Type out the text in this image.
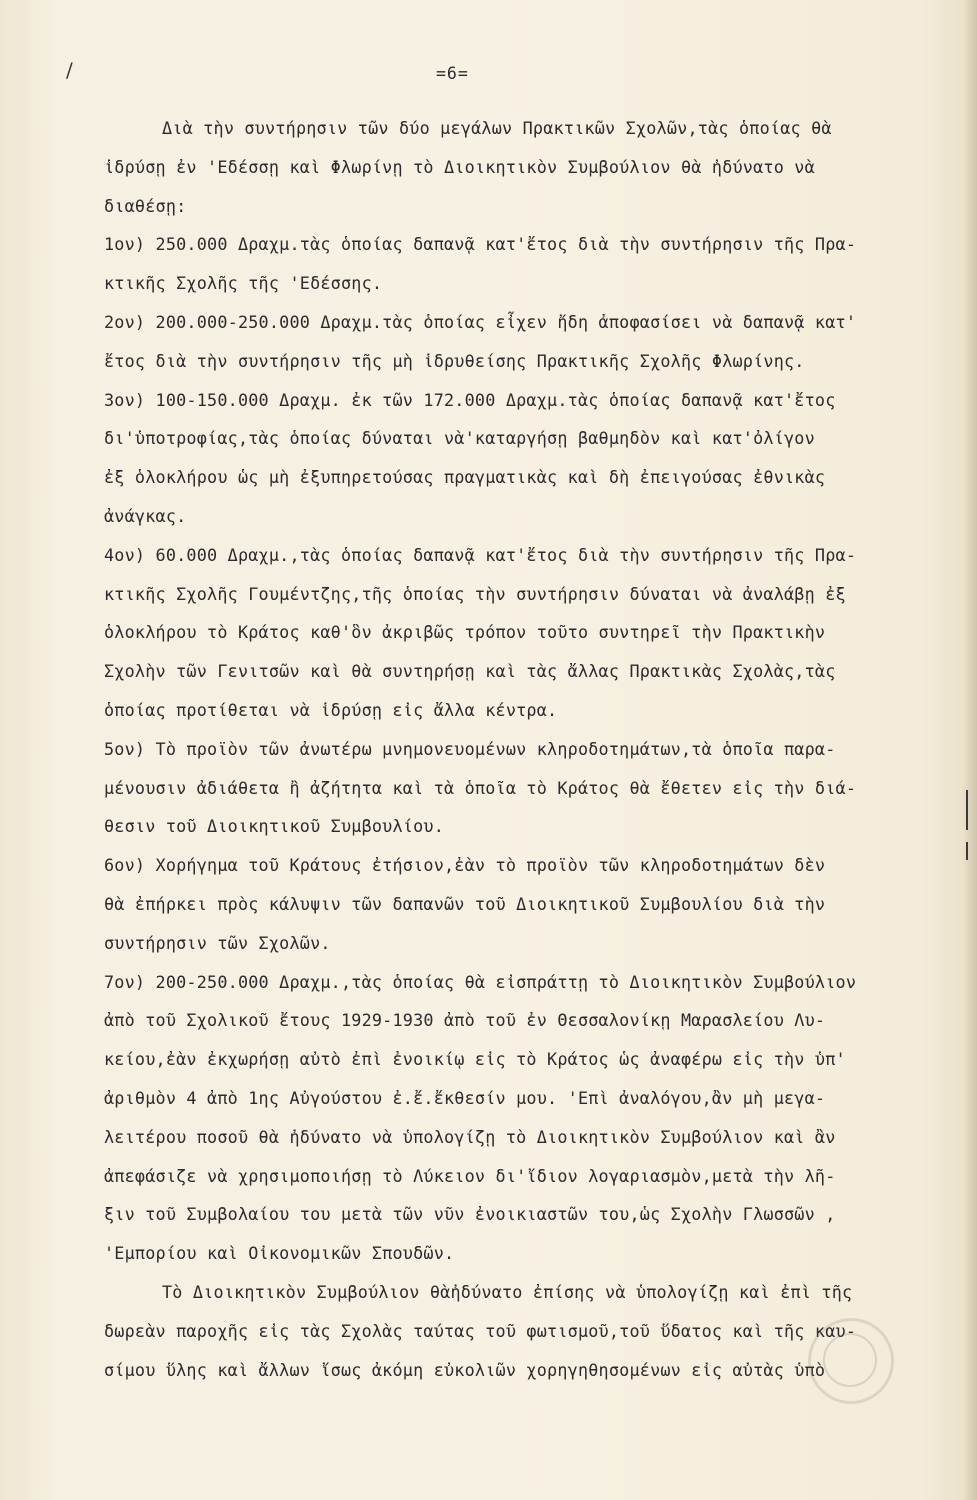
/	=6=
Διὰ τὴν συντήρησιν τῶν δύο μεγάλων Πρακτικῶν Σχολῶν,τὰς ὁποίας θὰ
ἱδρύσῃ ἐν 'Εδέσσῃ καὶ Φλωρίνῃ τὸ Διοικητικὸν Συμβούλιον θὰ ἠδύνατο νὰ
διαθέσῃ:
1ον) 250.000 Δραχμ.τὰς ὁποίας δαπανᾷ κατ'ἔτος διὰ τὴν συντήρησιν τῆς Πρα-
κτικῆς Σχολῆς τῆς 'Εδέσσης.
2ον) 200.000-250.000 Δραχμ.τὰς ὁποίας εἶχεν ἤδη ἀποφασίσει νὰ δαπανᾷ κατ'
ἔτος διὰ τὴν συντήρησιν τῆς μὴ ἱδρυθείσης Πρακτικῆς Σχολῆς Φλωρίνης.
3ον) 100-150.000 Δραχμ. ἐκ τῶν 172.000 Δραχμ.τὰς ὁποίας δαπανᾷ κατ'ἔτος
δι'ὑποτροφίας,τὰς ὁποίας δύναται νὰ'καταργήσῃ βαθμηδὸν καὶ κατ'ὀλίγον
ἐξ ὁλοκλήρου ὡς μὴ ἐξυπηρετούσας πραγματικὰς καὶ δὴ ἐπειγούσας ἐθνικὰς
ἀνάγκας.
4ον) 60.000 Δραχμ.,τὰς ὁποίας δαπανᾷ κατ'ἔτος διὰ τὴν συντήρησιν τῆς Πρα-
κτικῆς Σχολῆς Γουμέντζης,τῆς ὁποίας τὴν συντήρησιν δύναται νὰ ἀναλάβῃ ἐξ
ὁλοκλήρου τὸ Κράτος καθ'ὃν ἀκριβῶς τρόπον τοῦτο συντηρεῖ τὴν Πρακτικὴν
Σχολὴν τῶν Γενιτσῶν καὶ θὰ συντηρήσῃ καὶ τὰς ἄλλας Πρακτικὰς Σχολὰς,τὰς
ὁποίας προτίθεται νὰ ἱδρύσῃ εἰς ἄλλα κέντρα.
5ον) Τὸ προϊὸν τῶν ἀνωτέρω μνημονευομένων κληροδοτημάτων,τὰ ὁποῖα παρα-
μένουσιν ἀδιάθετα ἢ ἀζήτητα καὶ τὰ ὁποῖα τὸ Κράτος θὰ ἔθετεν εἰς τὴν διά-
θεσιν τοῦ Διοικητικοῦ Συμβουλίου.
6ον) Χορήγημα τοῦ Κράτους ἐτήσιον,ἐὰν τὸ προϊὸν τῶν κληροδοτημάτων δὲν
θὰ ἐπήρκει πρὸς κάλυψιν τῶν δαπανῶν τοῦ Διοικητικοῦ Συμβουλίου διὰ τὴν
συντήρησιν τῶν Σχολῶν.
7ον) 200-250.000 Δραχμ.,τὰς ὁποίας θὰ εἰσπράττῃ τὸ Διοικητικὸν Συμβούλιον
ἀπὸ τοῦ Σχολικοῦ ἔτους 1929-1930 ἀπὸ τοῦ ἐν Θεσσαλονίκῃ Μαρασλείου Λυ-
κείου,ἐὰν ἐκχωρήσῃ αὐτὸ ἐπὶ ἐνοικίῳ εἰς τὸ Κράτος ὡς ἀναφέρω εἰς τὴν ὑπ'
ἀριθμὸν 4 ἀπὸ 1ης Αὐγούστου ἐ.ἔ.ἔκθεσίν μου. 'Επὶ ἀναλόγου,ἂν μὴ μεγα-
λειτέρου ποσοῦ θὰ ἠδύνατο νὰ ὑπολογίζῃ τὸ Διοικητικὸν Συμβούλιον καὶ ἂν
ἀπεφάσιζε νὰ χρησιμοποιήσῃ τὸ Λύκειον δι'ἴδιον λογαριασμὸν,μετὰ τὴν λῆ-
ξιν τοῦ Συμβολαίου του μετὰ τῶν νῦν ἐνοικιαστῶν του,ὡς Σχολὴν Γλωσσῶν ,
'Εμπορίου καὶ Οἰκονομικῶν Σπουδῶν.
Τὸ Διοικητικὸν Συμβούλιον θὰἠδύνατο ἐπίσης νὰ ὑπολογίζῃ καὶ ἐπὶ τῆς
δωρεὰν παροχῆς εἰς τὰς Σχολὰς ταύτας τοῦ φωτισμοῦ,τοῦ ὕδατος καὶ τῆς καυ-
σίμου ὕλης καὶ ἄλλων ἴσως ἀκόμη εὐκολιῶν χορηγηθησομένων εἰς αὐτὰς ὑπὸ
